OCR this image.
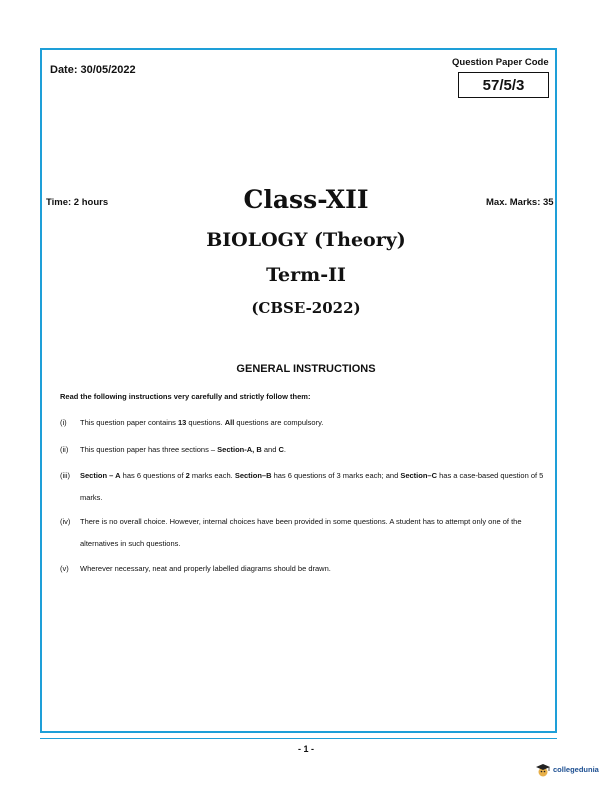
Date: 30/05/2022
Question Paper Code
57/5/3
Time: 2 hours	Max. Marks: 35
Class-XII
BIOLOGY (Theory)
Term-II
(CBSE-2022)
GENERAL INSTRUCTIONS
Read the following instructions very carefully and strictly follow them:
(i)	This question paper contains 13 questions. All questions are compulsory.
(ii)	This question paper has three sections – Section-A, B and C.
(iii)	Section – A has 6 questions of 2 marks each. Section–B has 6 questions of 3 marks each; and Section–C has a case-based question of 5 marks.
(iv)	There is no overall choice. However, internal choices have been provided in some questions. A student has to attempt only one of the alternatives in such questions.
(v)	Wherever necessary, neat and properly labelled diagrams should be drawn.
- 1 -
collegedunia
